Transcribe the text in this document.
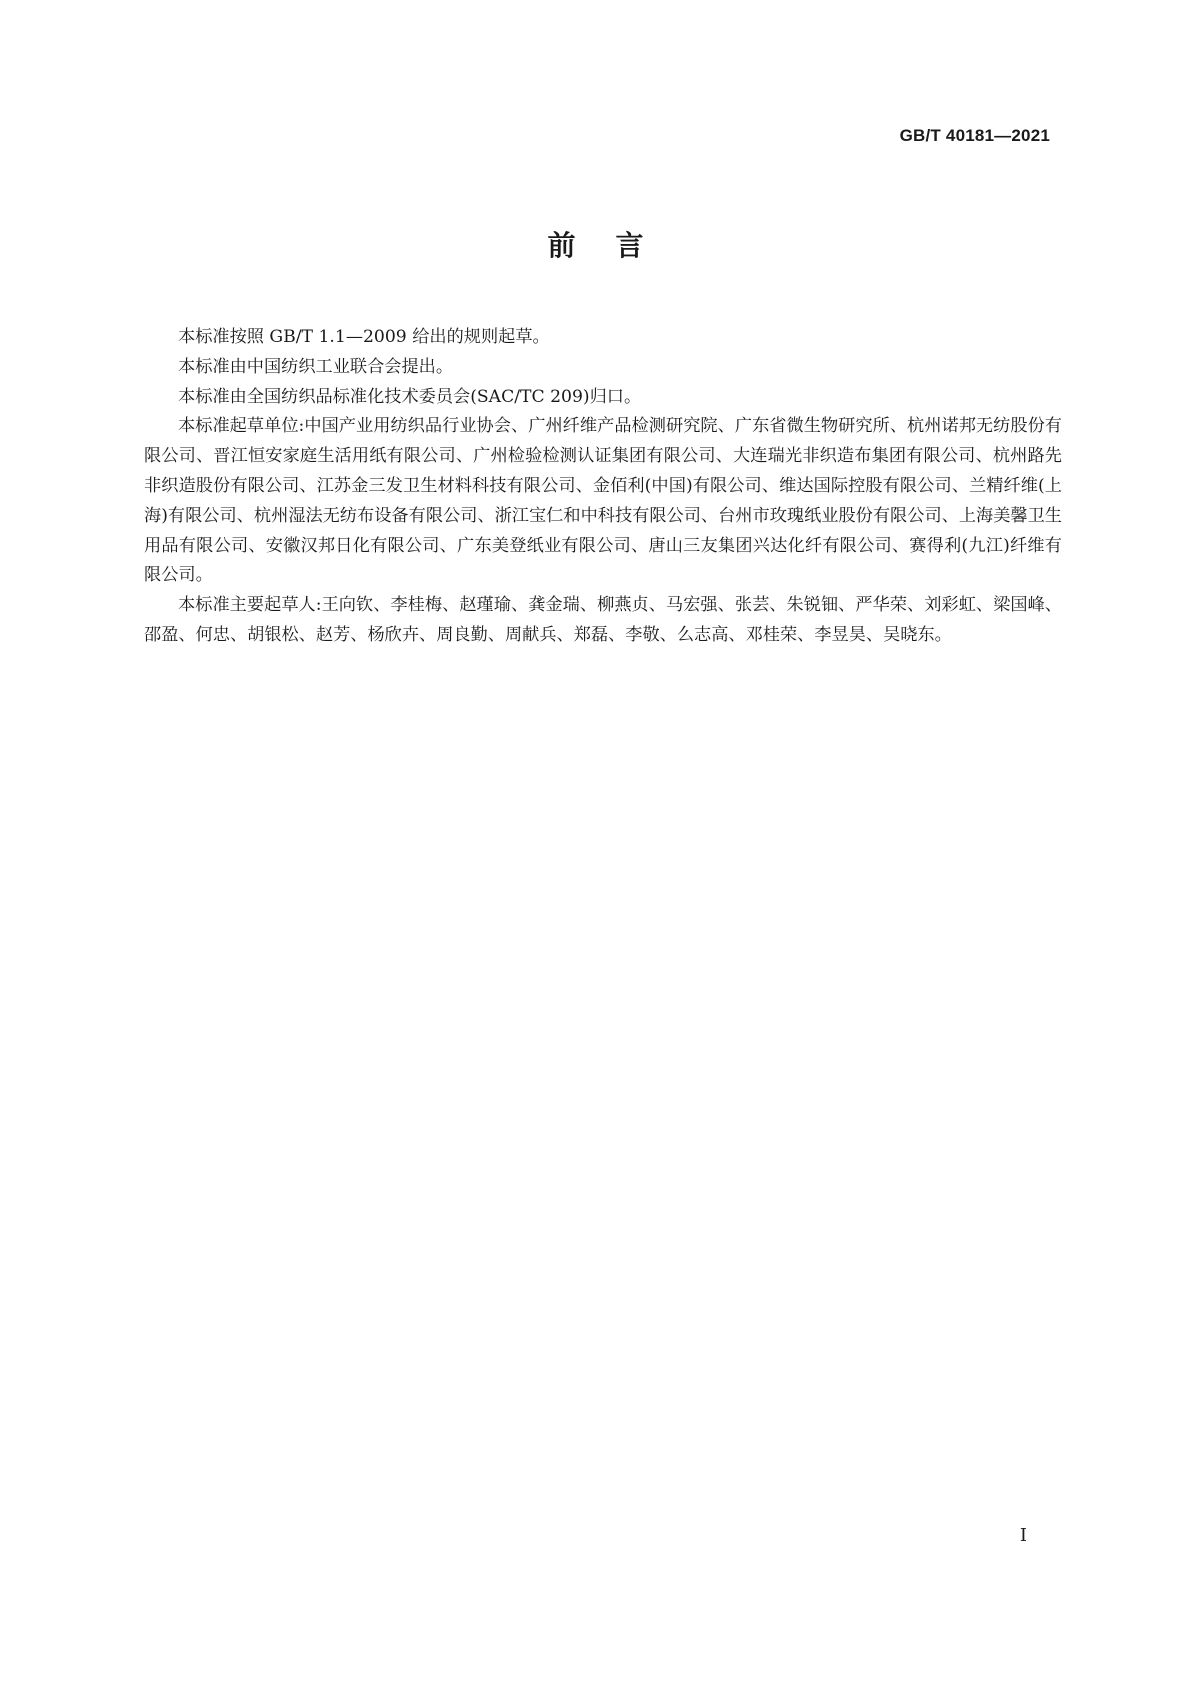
GB/T 40181—2021
前言

本标准按照 GB/T 1.1—2009 给出的规则起草。

本标准由中国纺织工业联合会提出。

本标准由全国纺织品标准化技术委员会(SAC/TC 209)归口。

本标准起草单位:中国产业用纺织品行业协会、广州纤维产品检测研究院、广东省微生物研究所、杭州诺邦无纺股份有限公司、晋江恒安家庭生活用纸有限公司、广州检验检测认证集团有限公司、大连瑞光非织造布集团有限公司、杭州路先非织造股份有限公司、江苏金三发卫生材料科技有限公司、金佰利(中国)有限公司、维达国际控股有限公司、兰精纤维(上海)有限公司、杭州湿法无纺布设备有限公司、浙江宝仁和中科技有限公司、台州市玫瑰纸业股份有限公司、上海美馨卫生用品有限公司、安徽汉邦日化有限公司、广东美登纸业有限公司、唐山三友集团兴达化纤有限公司、赛得利(九江)纤维有限公司。

本标准主要起草人:王向钦、李桂梅、赵瑾瑜、龚金瑞、柳燕贞、马宏强、张芸、朱锐钿、严华荣、刘彩虹、梁国峰、邵盈、何忠、胡银松、赵芳、杨欣卉、周良勤、周献兵、郑磊、李敬、么志高、邓桂荣、李昱昊、吴晓东。

I
